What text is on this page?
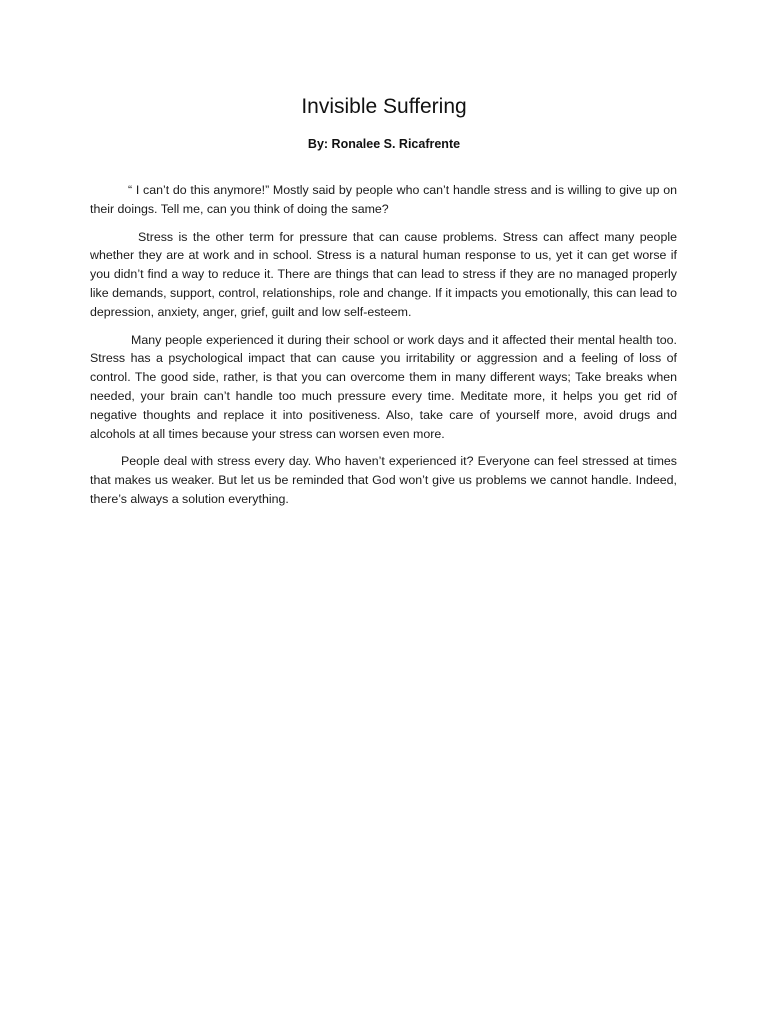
Invisible Suffering

By: Ronalee S. Ricafrente

“ I can’t do this anymore!” Mostly said by people who can’t handle stress and is willing to give up on their doings. Tell me, can you think of doing the same?

Stress is the other term for pressure that can cause problems. Stress can affect many people whether they are at work and in school. Stress is a natural human response to us, yet it can get worse if you didn’t find a way to reduce it. There are things that can lead to stress if they are no managed properly like demands, support, control, relationships, role and change. If it impacts you emotionally, this can lead to depression, anxiety, anger, grief, guilt and low self-esteem.

Many people experienced it during their school or work days and it affected their mental health too. Stress has a psychological impact that can cause you irritability or aggression and a feeling of loss of control. The good side, rather, is that you can overcome them in many different ways; Take breaks when needed, your brain can’t handle too much pressure every time. Meditate more, it helps you get rid of negative thoughts and replace it into positiveness. Also, take care of yourself more, avoid drugs and alcohols at all times because your stress can worsen even more.

People deal with stress every day. Who haven’t experienced it? Everyone can feel stressed at times that makes us weaker. But let us be reminded that God won’t give us problems we cannot handle. Indeed, there’s always a solution everything.
